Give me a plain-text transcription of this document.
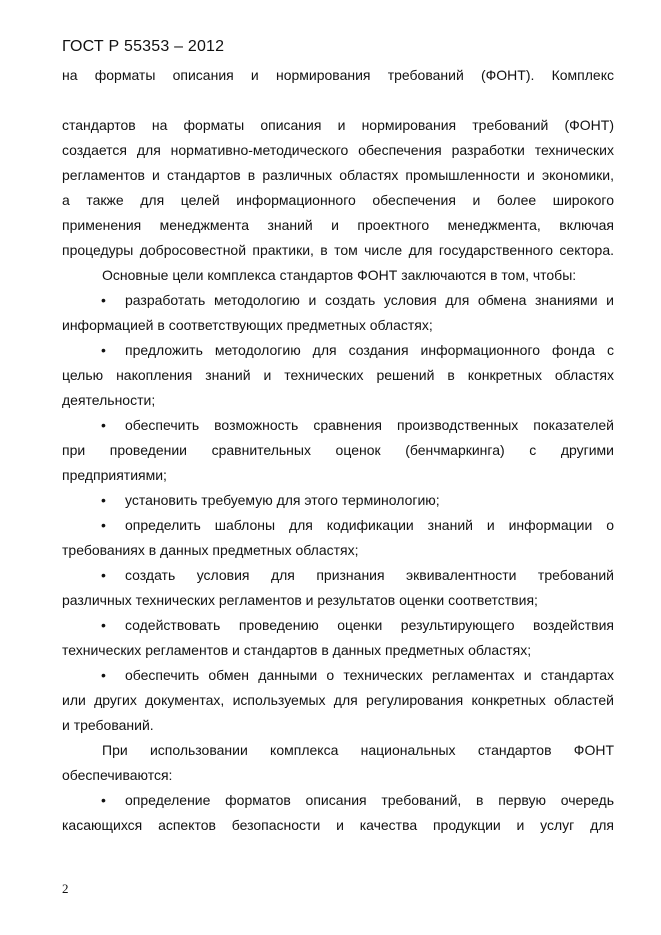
ГОСТ Р 55353 – 2012
на форматы описания и нормирования требований (ФОНТ). Комплекс
стандартов на форматы описания и нормирования требований (ФОНТ)
создается для нормативно-методического обеспечения разработки технических
регламентов и стандартов в различных областях промышленности и экономики,
а также для целей информационного обеспечения и более широкого
применения менеджмента знаний и проектного менеджмента, включая
процедуры добросовестной практики, в том числе для государственного сектора.
Основные цели комплекса стандартов ФОНТ заключаются в том, чтобы:
•	разработать методологию и создать условия для обмена знаниями и
информацией в соответствующих предметных областях;
•	предложить методологию для создания информационного фонда с
целью накопления знаний и технических решений в конкретных областях
деятельности;
•	обеспечить возможность сравнения производственных показателей
при проведении сравнительных оценок (бенчмаркинга) с другими
предприятиями;
•	установить требуемую для этого терминологию;
•	определить шаблоны для кодификации знаний и информации о
требованиях в данных предметных областях;
•	создать условия для признания эквивалентности требований
различных технических регламентов и результатов оценки соответствия;
•	содействовать проведению оценки результирующего воздействия
технических регламентов и стандартов в данных предметных областях;
•	обеспечить обмен данными о технических регламентах и стандартах
или других документах, используемых для регулирования конкретных областей
и требований.
При использовании комплекса национальных стандартов ФОНТ
обеспечиваются:
•	определение форматов описания требований, в первую очередь
касающихся аспектов безопасности и качества продукции и услуг для
2
